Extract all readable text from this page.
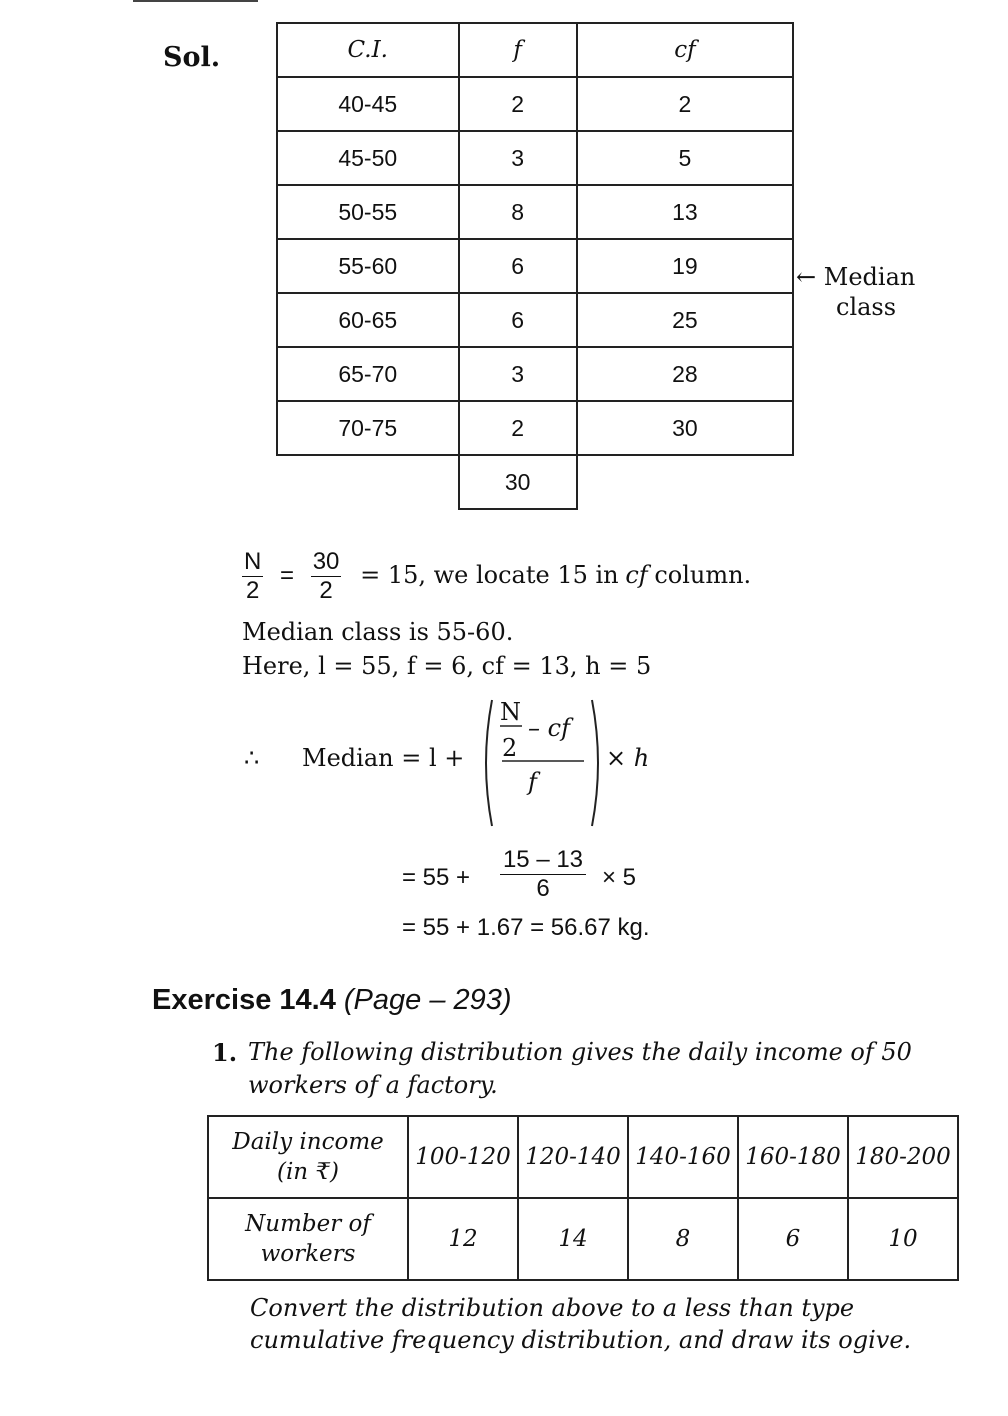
Sol.	C.I.	f	cf
40-45	2	2
45-50	3	5
50-55	8	13
55-60	6	19
60-65	6	25
65-70	3	28
70-75	2	30
	30	
← Median
class
$\frac{N}{2} = \frac{30}{2} = 15$, we locate 15 in cf column.
Median class is 55-60.
Here, l = 55, f = 6, cf = 13, h = 5
∴ Median = l +
N
2
– cf
f
× h
= 55 +
15 – 13
6	× 5
= 55 + 1.67 = 56.67 kg.
Exercise 14.4 (Page – 293)
1. The following distribution gives the daily income of 50 workers of a factory.
Daily income
(in ₹)	100-120	120-140	140-160	160-180	180-200

Number of
workers	12	14	8	6	10
Convert the distribution above to a less than type cumulative frequency distribution, and draw its ogive.
